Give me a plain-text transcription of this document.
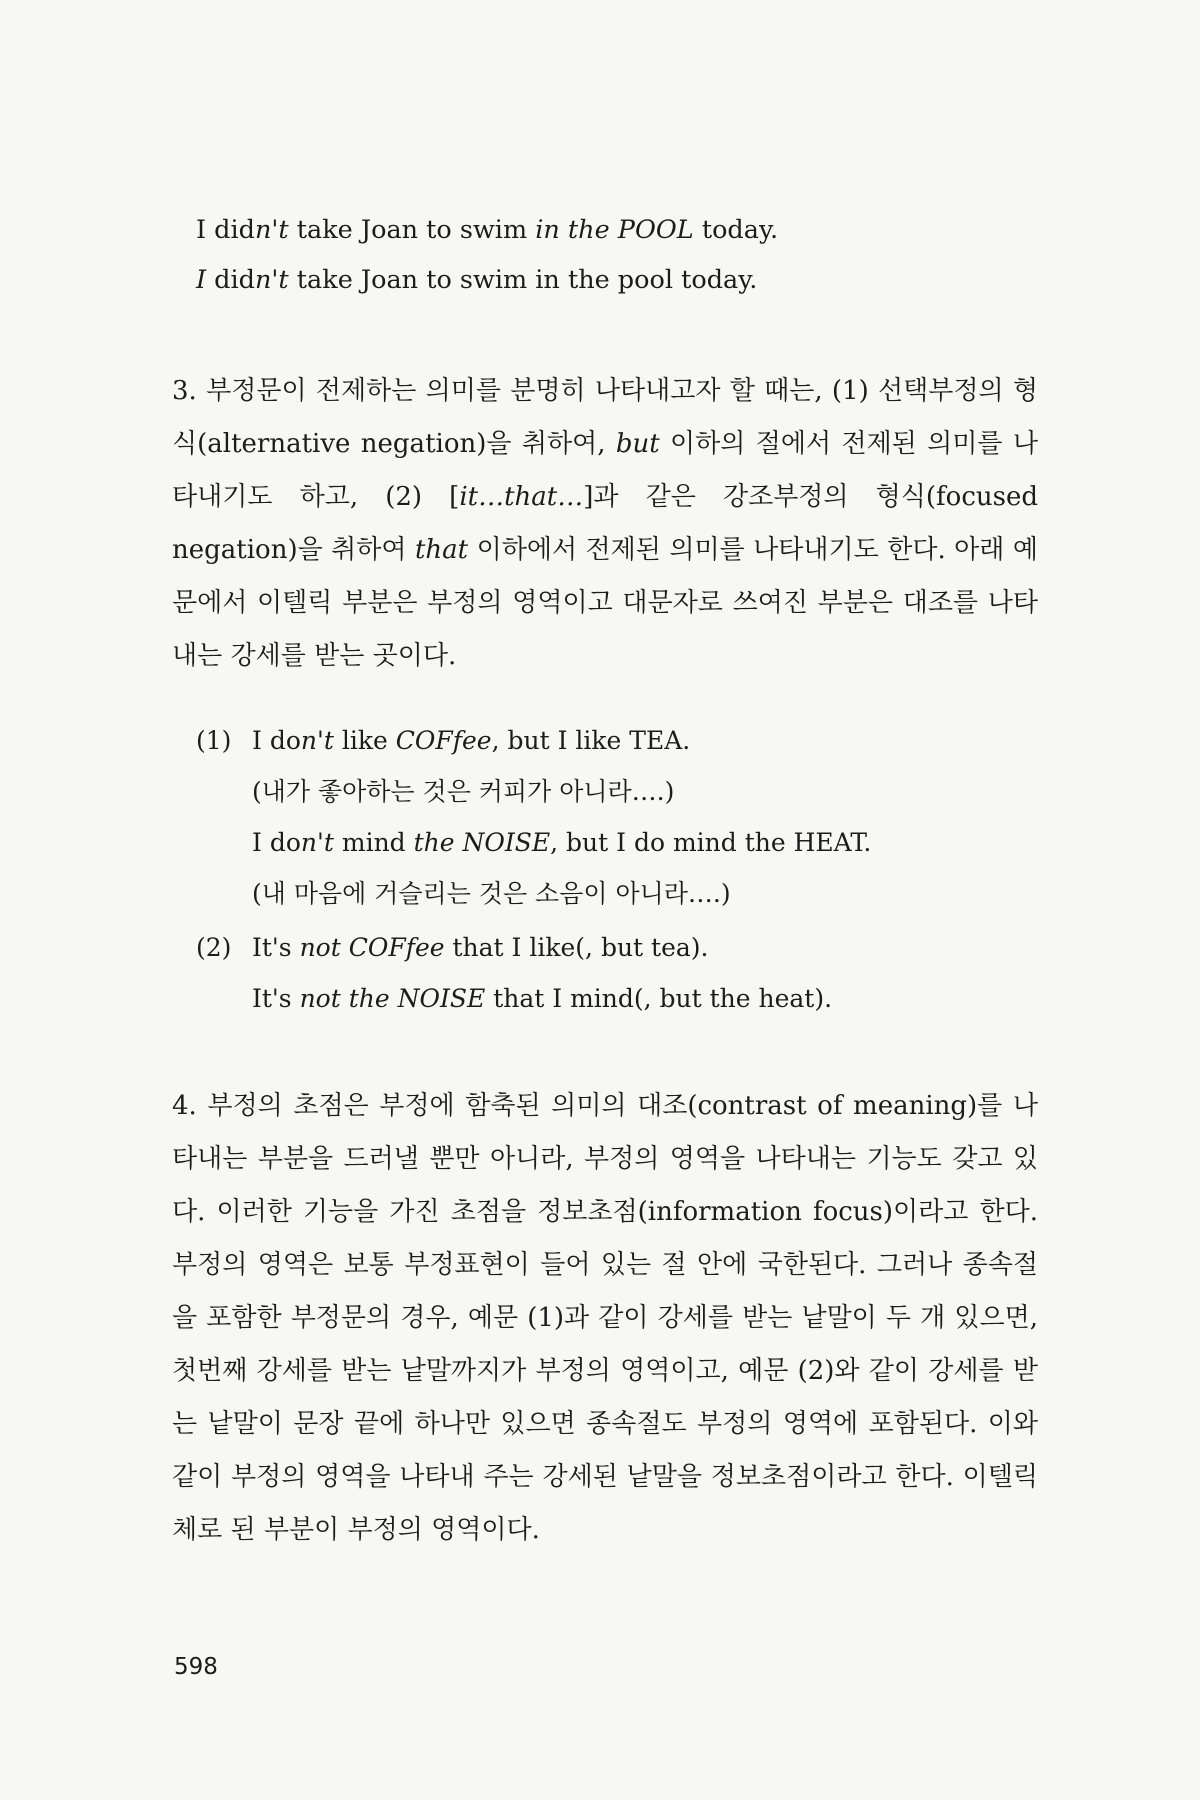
I didn't take Joan to swim in the POOL today.
I didn't take Joan to swim in the pool today.

3. 부정문이 전제하는 의미를 분명히 나타내고자 할 때는, (1) 선택부정의 형식(alternative negation)을 취하여, but 이하의 절에서 전제된 의미를 나타내기도 하고, (2) [it…that…]과 같은 강조부정의 형식(focused negation)을 취하여 that 이하에서 전제된 의미를 나타내기도 한다. 아래 예문에서 이텔릭 부분은 부정의 영역이고 대문자로 쓰여진 부분은 대조를 나타내는 강세를 받는 곳이다.

(1) I don't like COFfee, but I like TEA.
(내가 좋아하는 것은 커피가 아니라….)
I don't mind the NOISE, but I do mind the HEAT.
(내 마음에 거슬리는 것은 소음이 아니라….)
(2) It's not COFfee that I like(, but tea).
It's not the NOISE that I mind(, but the heat).

4. 부정의 초점은 부정에 함축된 의미의 대조(contrast of meaning)를 나타내는 부분을 드러낼 뿐만 아니라, 부정의 영역을 나타내는 기능도 갖고 있다. 이러한 기능을 가진 초점을 정보초점(information focus)이라고 한다. 부정의 영역은 보통 부정표현이 들어 있는 절 안에 국한된다. 그러나 종속절을 포함한 부정문의 경우, 예문 (1)과 같이 강세를 받는 낱말이 두 개 있으면, 첫번째 강세를 받는 낱말까지가 부정의 영역이고, 예문 (2)와 같이 강세를 받는 낱말이 문장 끝에 하나만 있으면 종속절도 부정의 영역에 포함된다. 이와 같이 부정의 영역을 나타내 주는 강세된 낱말을 정보초점이라고 한다. 이텔릭체로 된 부분이 부정의 영역이다.

598
